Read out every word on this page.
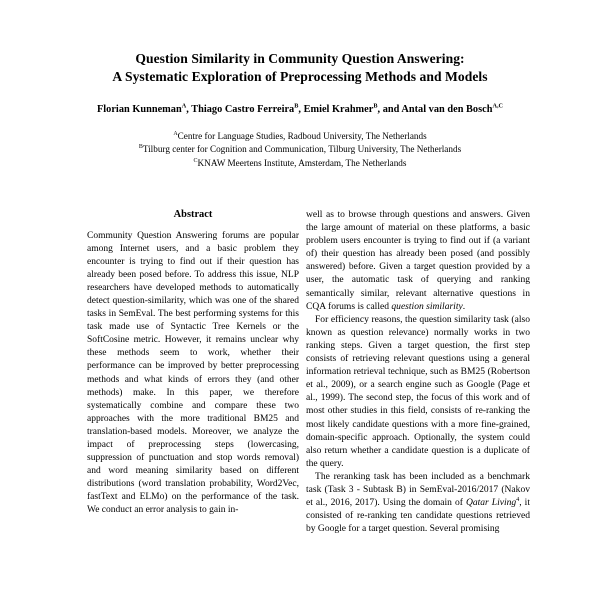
Question Similarity in Community Question Answering:
A Systematic Exploration of Preprocessing Methods and Models
Florian Kunneman$^A$, Thiago Castro Ferreira$^B$, Emiel Krahmer$^B$, and Antal van den Bosch$^{A,C}$
$^A$Centre for Language Studies, Radboud University, The Netherlands
$^B$Tilburg center for Cognition and Communication, Tilburg University, The Netherlands
$^C$KNAW Meertens Institute, Amsterdam, The Netherlands
Abstract

Community Question Answering forums are popular among Internet users, and a basic problem they encounter is trying to find out if their question has already been posed before. To address this issue, NLP researchers have developed methods to automatically detect question-similarity, which was one of the shared tasks in SemEval. The best performing systems for this task made use of Syntactic Tree Kernels or the SoftCosine metric. However, it remains unclear why these methods seem to work, whether their performance can be improved by better preprocessing methods and what kinds of errors they (and other methods) make. In this paper, we therefore systematically combine and compare these two approaches with the more traditional BM25 and translation-based models. Moreover, we analyze the impact of preprocessing steps (lowercasing, suppression of punctuation and stop words removal) and word meaning similarity based on different distributions (word translation probability, Word2Vec, fastText and ELMo) on the performance of the task. We conduct an error analysis to gain in-

well as to browse through questions and answers. Given the large amount of material on these platforms, a basic problem users encounter is trying to find out if (a variant of) their question has already been posed (and possibly answered) before. Given a target question provided by a user, the automatic task of querying and ranking semantically similar, relevant alternative questions in CQA forums is called question similarity.

For efficiency reasons, the question similarity task (also known as question relevance) normally works in two ranking steps. Given a target question, the first step consists of retrieving relevant questions using a general information retrieval technique, such as BM25 (Robertson et al., 2009), or a search engine such as Google (Page et al., 1999). The second step, the focus of this work and of most other studies in this field, consists of re-ranking the most likely candidate questions with a more fine-grained, domain-specific approach. Optionally, the system could also return whether a candidate question is a duplicate of the query.

The reranking task has been included as a benchmark task (Task 3 - Subtask B) in SemEval-2016/2017 (Nakov et al., 2016, 2017). Using the domain of Qatar Living$^4$, it consisted of re-ranking ten candidate questions retrieved by Google for a target question. Several promising
